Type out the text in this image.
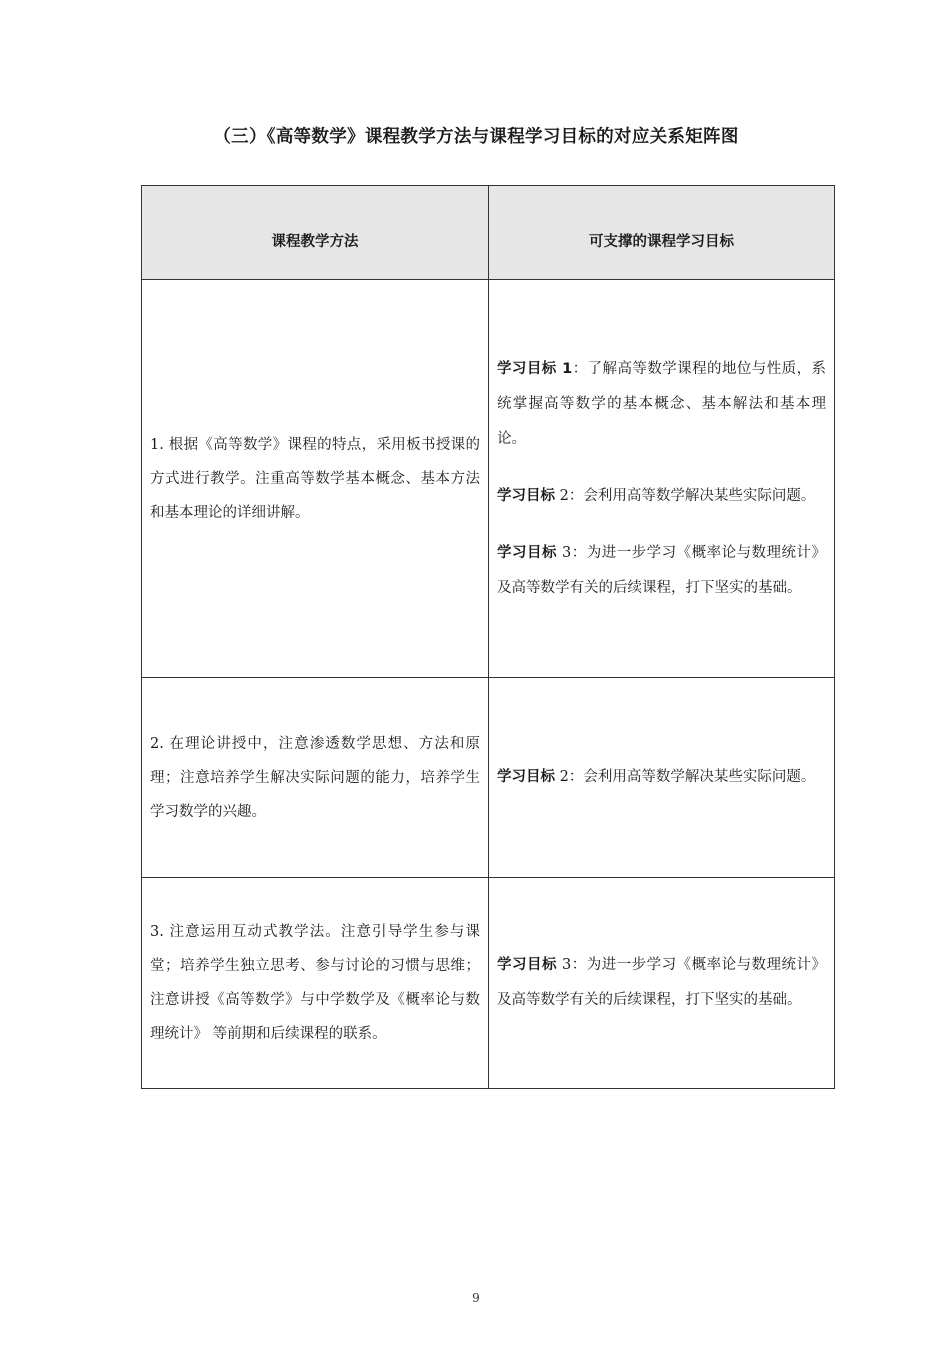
（三）《高等数学》课程教学方法与课程学习目标的对应关系矩阵图
课程教学方法	可支撑的课程学习目标

1. 根据《高等数学》课程的特点，采用板书授课的方式进行教学。注重高等数学基本概念、基本方法和基本理论的详细讲解。	学习目标 1：了解高等数学课程的地位与性质，系统掌握高等数学的基本概念、基本解法和基本理论。

学习目标 2：会利用高等数学解决某些实际问题。

学习目标 3：为进一步学习《概率论与数理统计》及高等数学有关的后续课程，打下坚实的基础。

2. 在理论讲授中，注意渗透数学思想、方法和原理；注意培养学生解决实际问题的能力，培养学生学习数学的兴趣。	学习目标 2：会利用高等数学解决某些实际问题。

3. 注意运用互动式教学法。注意引导学生参与课堂；培养学生独立思考、参与讨论的习惯与思维；注意讲授《高等数学》与中学数学及《概率论与数理统计》 等前期和后续课程的联系。	学习目标 3：为进一步学习《概率论与数理统计》及高等数学有关的后续课程，打下坚实的基础。

9
